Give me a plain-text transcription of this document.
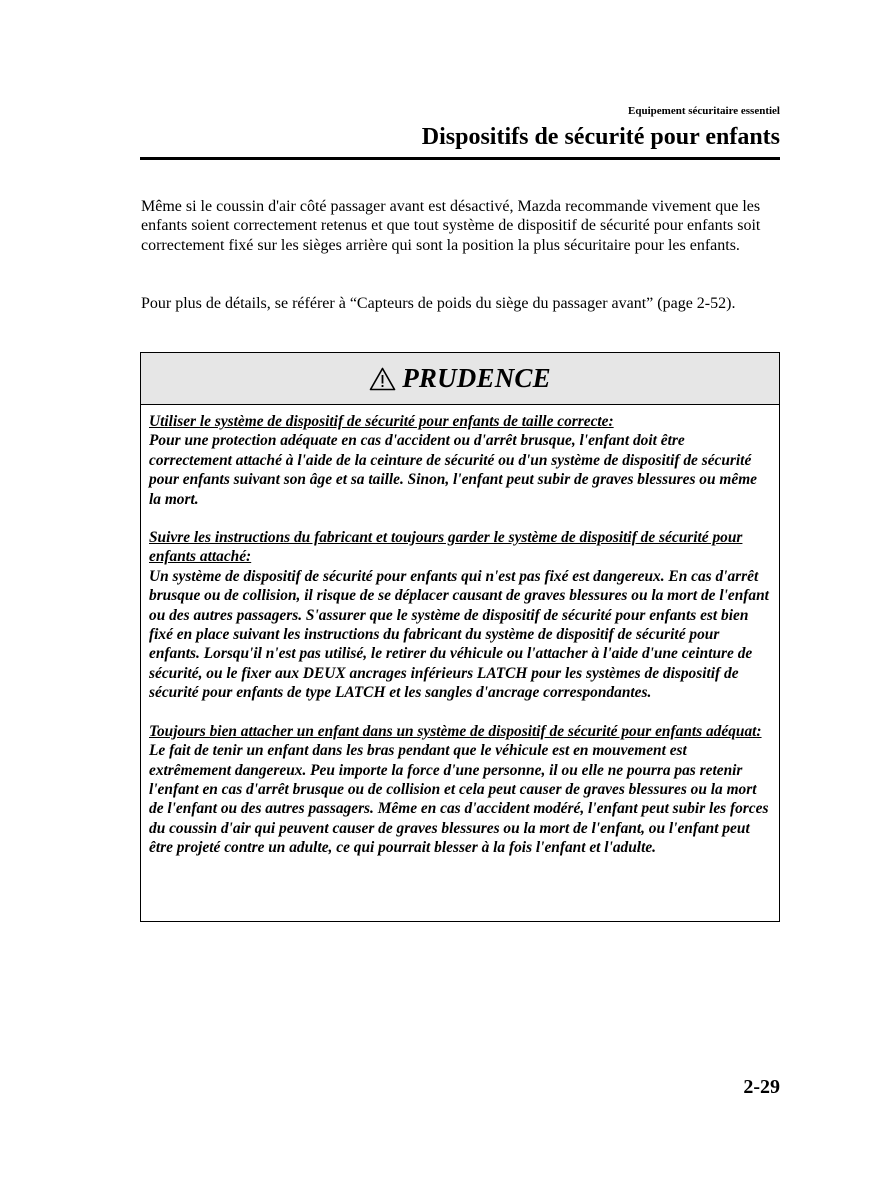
Equipement sécuritaire essentiel
Dispositifs de sécurité pour enfants

Même si le coussin d'air côté passager avant est désactivé, Mazda recommande vivement que les enfants soient correctement retenus et que tout système de dispositif de sécurité pour enfants soit correctement fixé sur les sièges arrière qui sont la position la plus sécuritaire pour les enfants.

Pour plus de détails, se référer à “Capteurs de poids du siège du passager avant” (page 2-52).

PRUDENCE
Utiliser le système de dispositif de sécurité pour enfants de taille correcte:
Pour une protection adéquate en cas d'accident ou d'arrêt brusque, l'enfant doit être correctement attaché à l'aide de la ceinture de sécurité ou d'un système de dispositif de sécurité pour enfants suivant son âge et sa taille. Sinon, l'enfant peut subir de graves blessures ou même la mort.
Suivre les instructions du fabricant et toujours garder le système de dispositif de sécurité pour enfants attaché:
Un système de dispositif de sécurité pour enfants qui n'est pas fixé est dangereux. En cas d'arrêt brusque ou de collision, il risque de se déplacer causant de graves blessures ou la mort de l'enfant ou des autres passagers. S'assurer que le système de dispositif de sécurité pour enfants est bien fixé en place suivant les instructions du fabricant du système de dispositif de sécurité pour enfants. Lorsqu'il n'est pas utilisé, le retirer du véhicule ou l'attacher à l'aide d'une ceinture de sécurité, ou le fixer aux DEUX ancrages inférieurs LATCH pour les systèmes de dispositif de sécurité pour enfants de type LATCH et les sangles d'ancrage correspondantes.
Toujours bien attacher un enfant dans un système de dispositif de sécurité pour enfants adéquat:
Le fait de tenir un enfant dans les bras pendant que le véhicule est en mouvement est extrêmement dangereux. Peu importe la force d'une personne, il ou elle ne pourra pas retenir l'enfant en cas d'arrêt brusque ou de collision et cela peut causer de graves blessures ou la mort de l'enfant ou des autres passagers. Même en cas d'accident modéré, l'enfant peut subir les forces du coussin d'air qui peuvent causer de graves blessures ou la mort de l'enfant, ou l'enfant peut être projeté contre un adulte, ce qui pourrait blesser à la fois l'enfant et l'adulte.
2-29
